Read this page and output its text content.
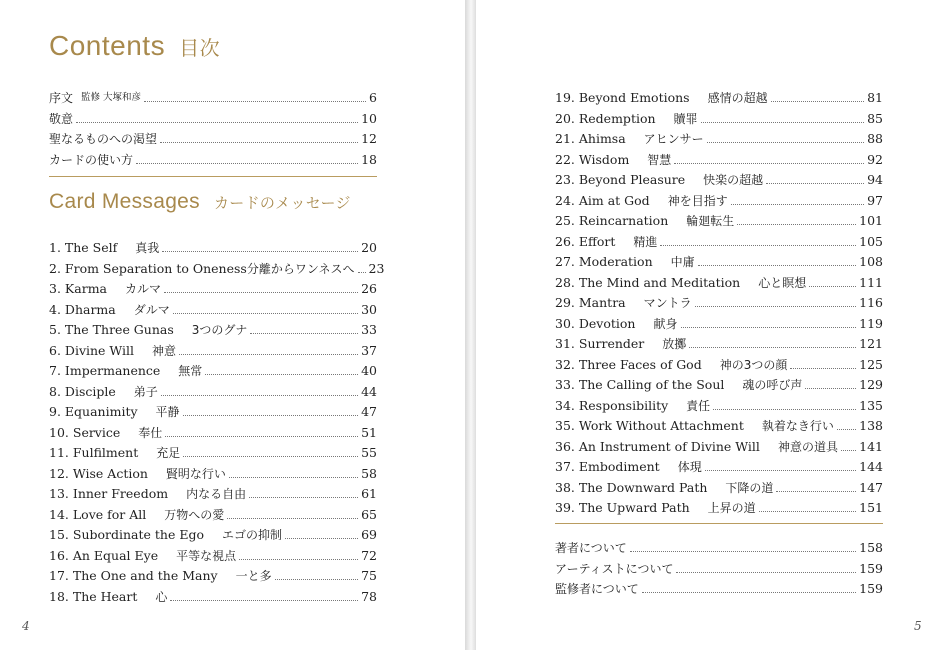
Contents 目次
序文 監修 大塚和彦	6
敬意	10
聖なるものへの渇望	12
カードの使い方	18
Card Messages カードのメッセージ
1. The Self 真我	20
2. From Separation to Oneness 分離からワンネスへ 23
3. Karma カルマ	26
4. Dharma ダルマ	30
5. The Three Gunas 3つのグナ	33
6. Divine Will 神意	37
7. Impermanence 無常	40
8. Disciple 弟子	44
9. Equanimity 平静	47
10. Service 奉仕	51
11. Fulfilment 充足	55
12. Wise Action 賢明な行い	58
13. Inner Freedom 内なる自由	61
14. Love for All 万物への愛	65
15. Subordinate the Ego エゴの抑制	69
16. An Equal Eye 平等な視点	72
17. The One and the Many 一と多	75
18. The Heart 心	78
4
19. Beyond Emotions 感情の超越	81
20. Redemption 贖罪	85
21. Ahimsa アヒンサー	88
22. Wisdom 智慧	92
23. Beyond Pleasure 快楽の超越	94
24. Aim at God 神を目指す	97
25. Reincarnation 輪廻転生	101
26. Effort 精進	105
27. Moderation 中庸	108
28. The Mind and Meditation 心と瞑想	111
29. Mantra マントラ	116
30. Devotion 献身	119
31. Surrender 放擲	121
32. Three Faces of God 神の3つの顔	125
33. The Calling of the Soul 魂の呼び声	129
34. Responsibility 責任	135
35. Work Without Attachment 執着なき行い 138
36. An Instrument of Divine Will 神意の道具 141
37. Embodiment 体現	144
38. The Downward Path 下降の道	147
39. The Upward Path 上昇の道	151
著者について	158
アーティストについて	159
監修者について	159
5
